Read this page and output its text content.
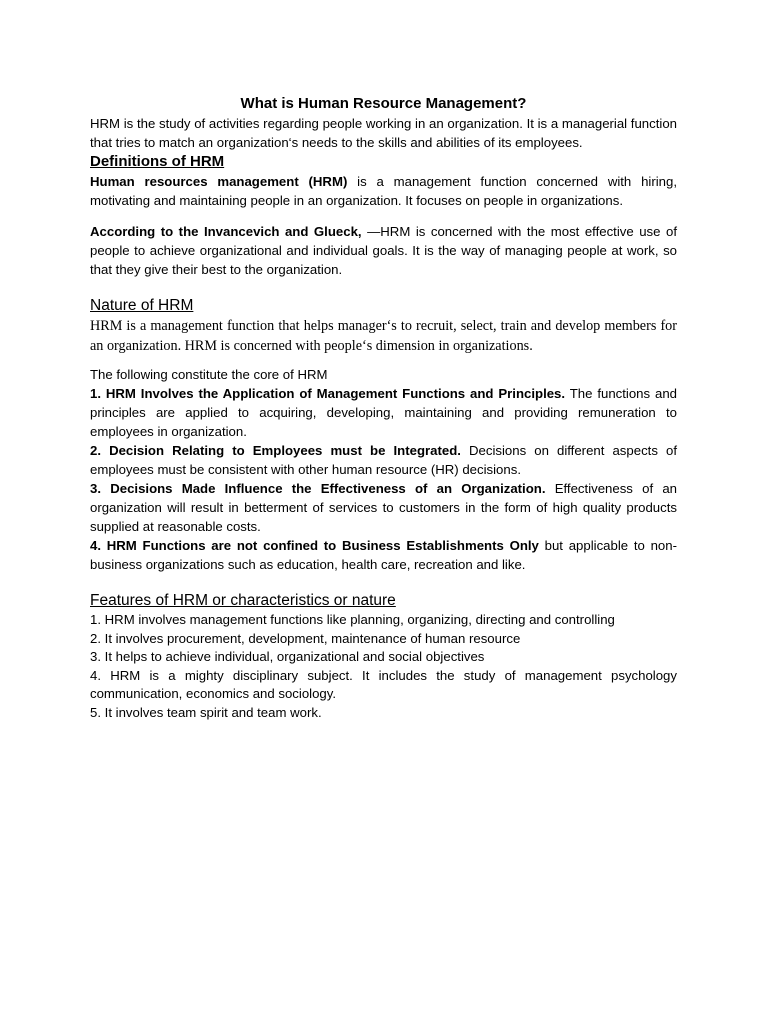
What is Human Resource Management?

HRM is the study of activities regarding people working in an organization. It is a managerial function that tries to match an organization‘s needs to the skills and abilities of its employees.

Definitions of HRM

Human resources management (HRM) is a management function concerned with hiring, motivating and maintaining people in an organization. It focuses on people in organizations.

According to the Invancevich and Glueck, ―HRM is concerned with the most effective use of people to achieve organizational and individual goals. It is the way of managing people at work, so that they give their best to the organization.

Nature of HRM

HRM is a management function that helps manager‘s to recruit, select, train and develop members for an organization. HRM is concerned with people‘s dimension in organizations.

The following constitute the core of HRM

1. HRM Involves the Application of Management Functions and Principles. The functions and principles are applied to acquiring, developing, maintaining and providing remuneration to employees in organization.

2. Decision Relating to Employees must be Integrated. Decisions on different aspects of employees must be consistent with other human resource (HR) decisions.

3. Decisions Made Influence the Effectiveness of an Organization. Effectiveness of an organization will result in betterment of services to customers in the form of high quality products supplied at reasonable costs.

4. HRM Functions are not confined to Business Establishments Only but applicable to non-business organizations such as education, health care, recreation and like.

Features of HRM or characteristics or nature

1. HRM involves management functions like planning, organizing, directing and controlling

2. It involves procurement, development, maintenance of human resource

3. It helps to achieve individual, organizational and social objectives

4. HRM is a mighty disciplinary subject. It includes the study of management psychology communication, economics and sociology.

5. It involves team spirit and team work.
